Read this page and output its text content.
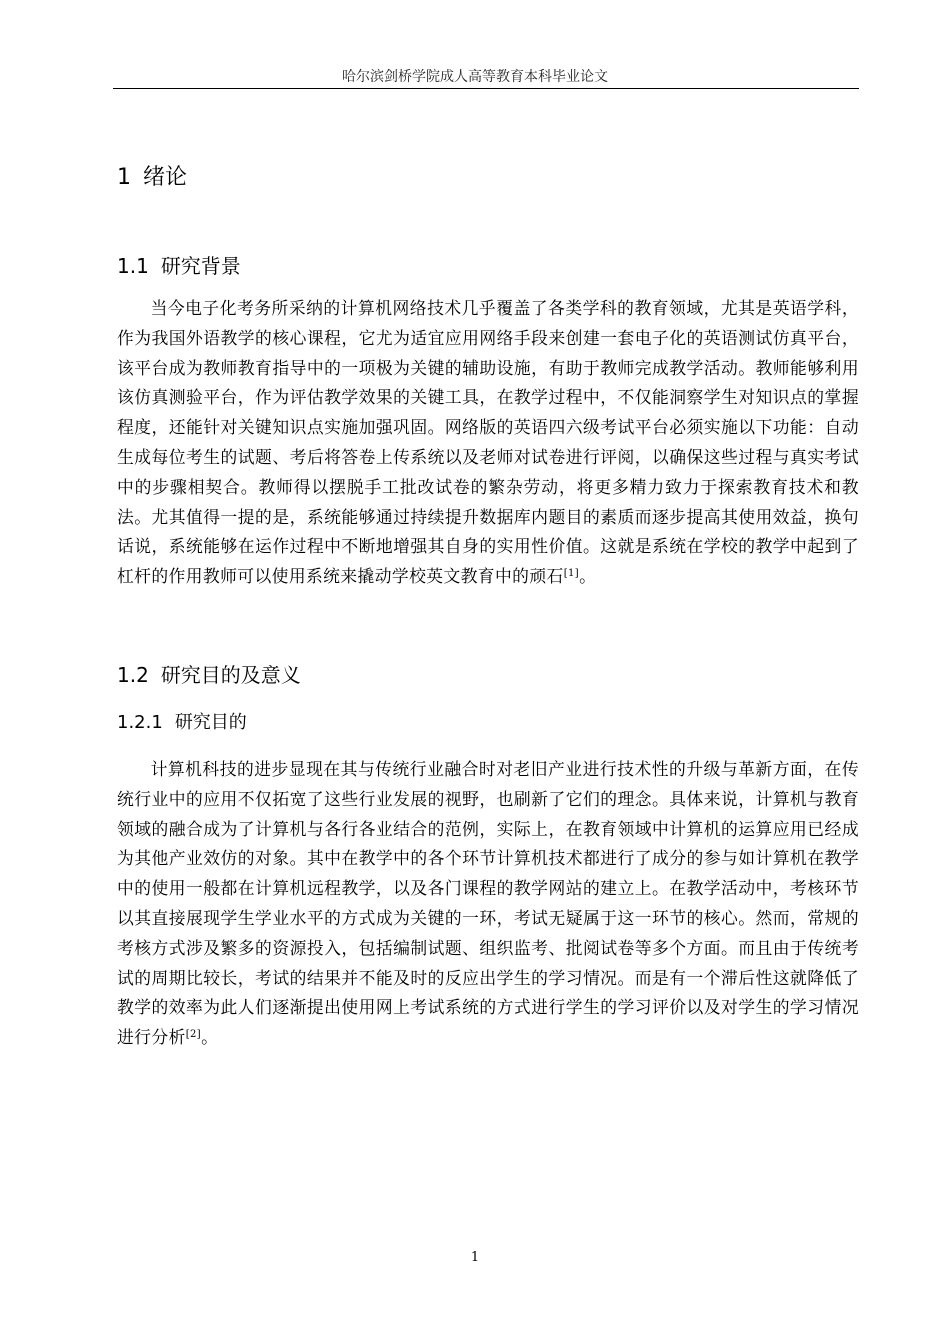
哈尔滨剑桥学院成人高等教育本科毕业论文
1 绪论
1.1 研究背景

当今电子化考务所采纳的计算机网络技术几乎覆盖了各类学科的教育领域，尤其是英语学科，作为我国外语教学的核心课程，它尤为适宜应用网络手段来创建一套电子化的英语测试仿真平台，该平台成为教师教育指导中的一项极为关键的辅助设施，有助于教师完成教学活动。教师能够利用该仿真测验平台，作为评估教学效果的关键工具，在教学过程中，不仅能洞察学生对知识点的掌握程度，还能针对关键知识点实施加强巩固。网络版的英语四六级考试平台必须实施以下功能：自动生成每位考生的试题、考后将答卷上传系统以及老师对试卷进行评阅，以确保这些过程与真实考试中的步骤相契合。教师得以摆脱手工批改试卷的繁杂劳动，将更多精力致力于探索教育技术和教法。尤其值得一提的是，系统能够通过持续提升数据库内题目的素质而逐步提高其使用效益，换句话说，系统能够在运作过程中不断地增强其自身的实用性价值。这就是系统在学校的教学中起到了杠杆的作用教师可以使用系统来撬动学校英文教育中的顽石[1]。

1.2 研究目的及意义
1.2.1 研究目的

计算机科技的进步显现在其与传统行业融合时对老旧产业进行技术性的升级与革新方面，在传统行业中的应用不仅拓宽了这些行业发展的视野，也刷新了它们的理念。具体来说，计算机与教育领域的融合成为了计算机与各行各业结合的范例，实际上，在教育领域中计算机的运算应用已经成为其他产业效仿的对象。其中在教学中的各个环节计算机技术都进行了成分的参与如计算机在教学中的使用一般都在计算机远程教学，以及各门课程的教学网站的建立上。在教学活动中，考核环节以其直接展现学生学业水平的方式成为关键的一环，考试无疑属于这一环节的核心。然而，常规的考核方式涉及繁多的资源投入，包括编制试题、组织监考、批阅试卷等多个方面。而且由于传统考试的周期比较长，考试的结果并不能及时的反应出学生的学习情况。而是有一个滞后性这就降低了教学的效率为此人们逐渐提出使用网上考试系统的方式进行学生的学习评价以及对学生的学习情况进行分析[2]。

1
